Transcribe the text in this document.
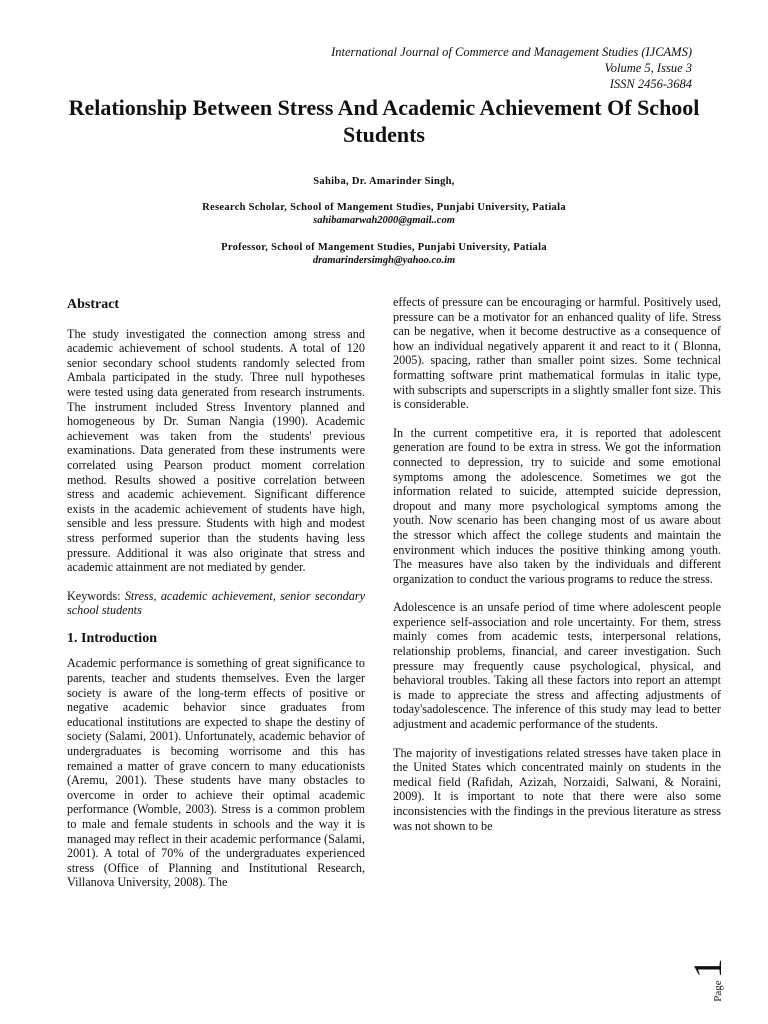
International Journal of Commerce and Management Studies (IJCAMS)
Volume 5, Issue 3
ISSN 2456-3684
Relationship Between Stress And Academic Achievement Of School Students
Sahiba, Dr. Amarinder Singh,
Research Scholar, School of Mangement Studies, Punjabi University, Patiala
sahibamarwah2000@gmail..com
Professor, School of Mangement Studies, Punjabi University, Patiala
dramarindersimgh@yahoo.co.im
Abstract

The study investigated the connection among stress and academic achievement of school students. A total of 120 senior secondary school students randomly selected from Ambala participated in the study. Three null hypotheses were tested using data generated from research instruments. The instrument included Stress Inventory planned and homogeneous by Dr. Suman Nangia (1990). Academic achievement was taken from the students' previous examinations. Data generated from these instruments were correlated using Pearson product moment correlation method. Results showed a positive correlation between stress and academic achievement. Significant difference exists in the academic achievement of students have high, sensible and less pressure. Students with high and modest stress performed superior than the students having less pressure. Additional it was also originate that stress and academic attainment are not mediated by gender.

Keywords: Stress, academic achievement, senior secondary school students

1. Introduction

Academic performance is something of great significance to parents, teacher and students themselves. Even the larger society is aware of the long-term effects of positive or negative academic behavior since graduates from educational institutions are expected to shape the destiny of society (Salami, 2001). Unfortunately, academic behavior of undergraduates is becoming worrisome and this has remained a matter of grave concern to many educationists (Aremu, 2001). These students have many obstacles to overcome in order to achieve their optimal academic performance (Womble, 2003). Stress is a common problem to male and female students in schools and the way it is managed may reflect in their academic performance (Salami, 2001). A total of 70% of the undergraduates experienced stress (Office of Planning and Institutional Research, Villanova University, 2008). The

effects of pressure can be encouraging or harmful. Positively used, pressure can be a motivator for an enhanced quality of life. Stress can be negative, when it become destructive as a consequence of how an individual negatively apparent it and react to it ( Blonna, 2005). spacing, rather than smaller point sizes. Some technical formatting software print mathematical formulas in italic type, with subscripts and superscripts in a slightly smaller font size. This is considerable.

In the current competitive era, it is reported that adolescent generation are found to be extra in stress. We got the information connected to depression, try to suicide and some emotional symptoms among the adolescence. Sometimes we got the information related to suicide, attempted suicide depression, dropout and many more psychological symptoms among the youth. Now scenario has been changing most of us aware about the stressor which affect the college students and maintain the environment which induces the positive thinking among youth. The measures have also taken by the individuals and different organization to conduct the various programs to reduce the stress.

Adolescence is an unsafe period of time where adolescent people experience self-association and role uncertainty. For them, stress mainly comes from academic tests, interpersonal relations, relationship problems, financial, and career investigation. Such pressure may frequently cause psychological, physical, and behavioral troubles. Taking all these factors into report an attempt is made to appreciate the stress and affecting adjustments of today'sadolescence. The inference of this study may lead to better adjustment and academic performance of the students.

The majority of investigations related stresses have taken place in the United States which concentrated mainly on students in the medical field (Rafidah, Azizah, Norzaidi, Salwani, & Noraini, 2009). It is important to note that there were also some inconsistencies with the findings in the previous literature as stress was not shown to be

Page
1
